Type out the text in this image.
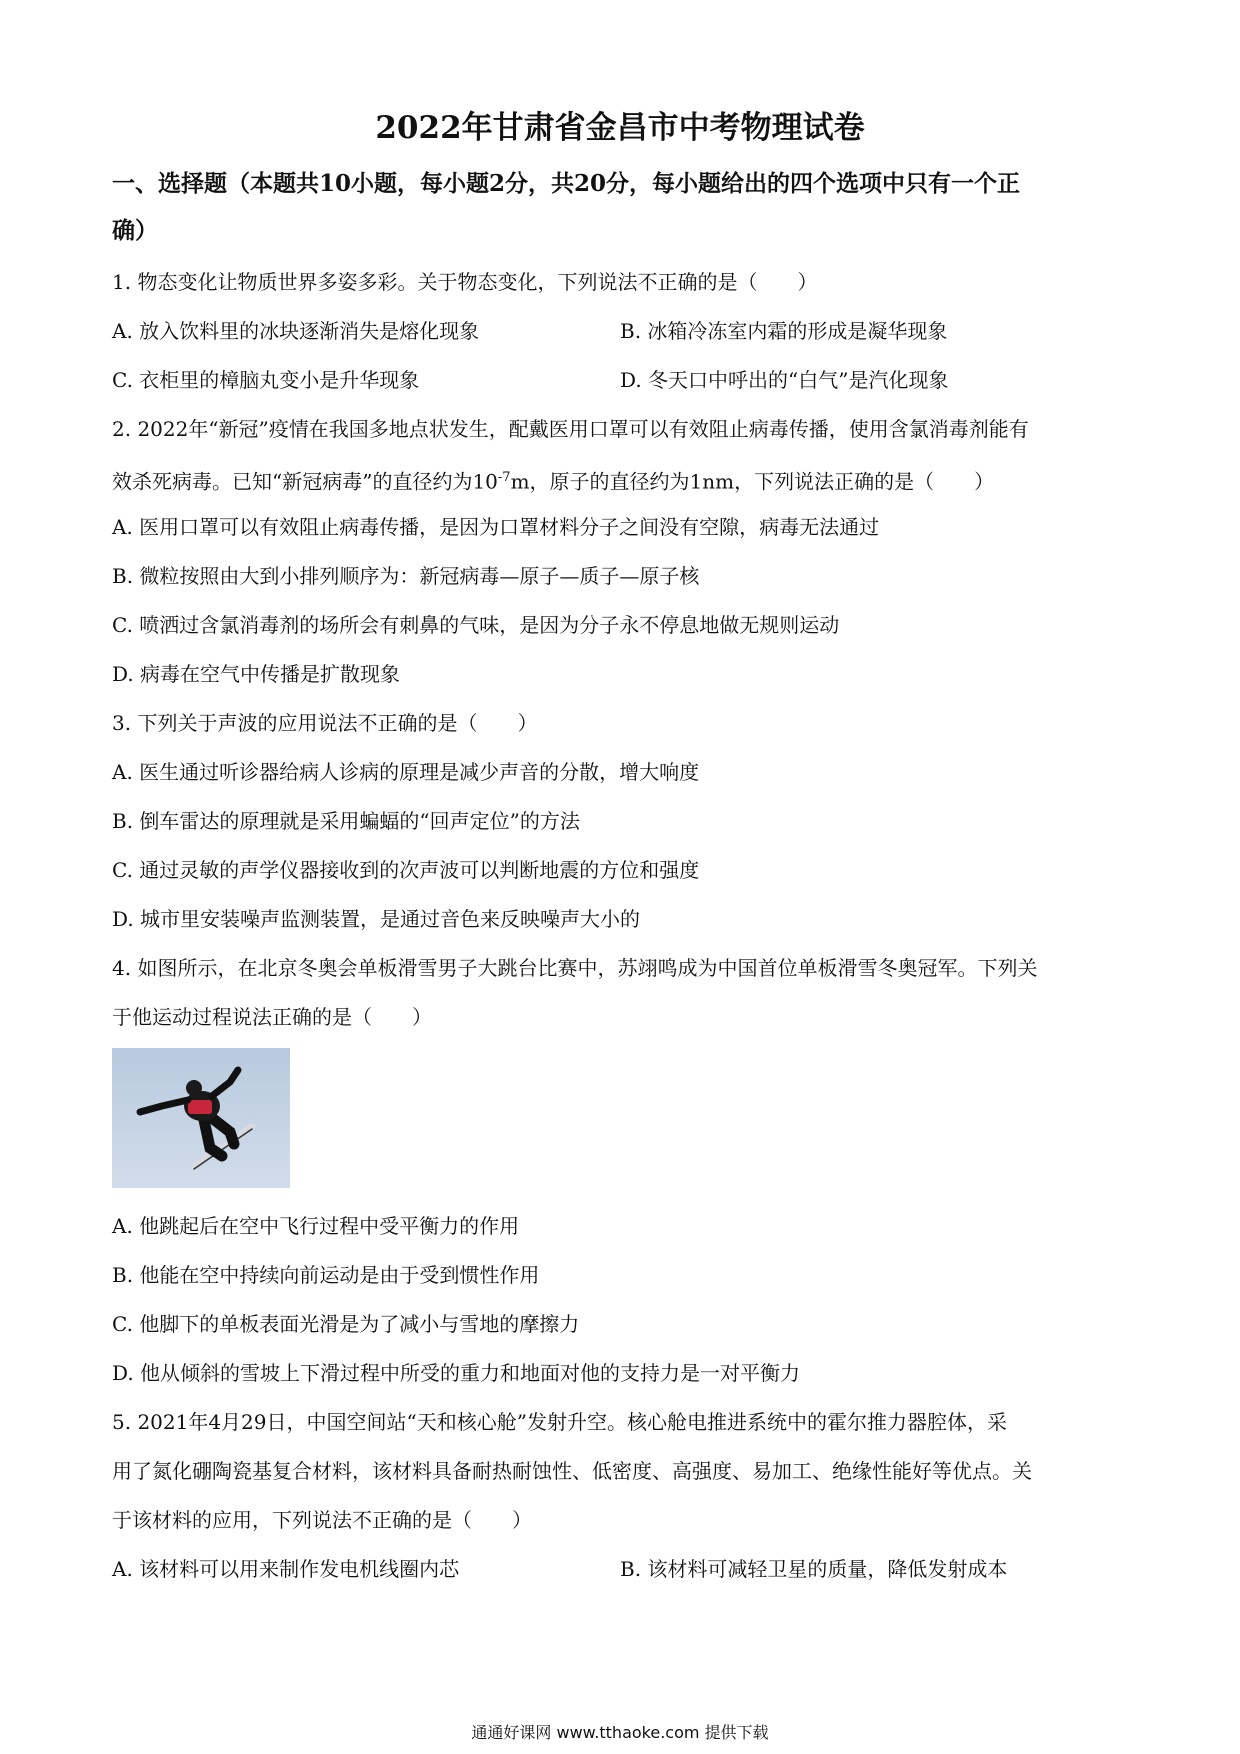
2022年甘肃省金昌市中考物理试卷
一、选择题（本题共10小题，每小题2分，共20分，每小题给出的四个选项中只有一个正
确）
1. 物态变化让物质世界多姿多彩。关于物态变化，下列说法不正确的是（　　）
A. 放入饮料里的冰块逐渐消失是熔化现象	B. 冰箱冷冻室内霜的形成是凝华现象
C. 衣柜里的樟脑丸变小是升华现象	D. 冬天口中呼出的“白气”是汽化现象
2. 2022年“新冠”疫情在我国多地点状发生，配戴医用口罩可以有效阻止病毒传播，使用含氯消毒剂能有
效杀死病毒。已知“新冠病毒”的直径约为$10^{-7}m$，原子的直径约为1nm，下列说法正确的是（　　）
A. 医用口罩可以有效阻止病毒传播，是因为口罩材料分子之间没有空隙，病毒无法通过
B. 微粒按照由大到小排列顺序为：新冠病毒—原子—质子—原子核
C. 喷洒过含氯消毒剂的场所会有刺鼻的气味，是因为分子永不停息地做无规则运动
D. 病毒在空气中传播是扩散现象
3. 下列关于声波的应用说法不正确的是（　　）
A. 医生通过听诊器给病人诊病的原理是减少声音的分散，增大响度
B. 倒车雷达的原理就是采用蝙蝠的“回声定位”的方法
C. 通过灵敏的声学仪器接收到的次声波可以判断地震的方位和强度
D. 城市里安装噪声监测装置，是通过音色来反映噪声大小的
4. 如图所示，在北京冬奥会单板滑雪男子大跳台比赛中，苏翊鸣成为中国首位单板滑雪冬奥冠军。下列关
于他运动过程说法正确的是（　　）
A. 他跳起后在空中飞行过程中受平衡力的作用
B. 他能在空中持续向前运动是由于受到惯性作用
C. 他脚下的单板表面光滑是为了减小与雪地的摩擦力
D. 他从倾斜的雪坡上下滑过程中所受的重力和地面对他的支持力是一对平衡力
5. 2021年4月29日，中国空间站“天和核心舱”发射升空。核心舱电推进系统中的霍尔推力器腔体，采
用了氮化硼陶瓷基复合材料，该材料具备耐热耐蚀性、低密度、高强度、易加工、绝缘性能好等优点。关
于该材料的应用，下列说法不正确的是（　　）
A. 该材料可以用来制作发电机线圈内芯	B. 该材料可减轻卫星的质量，降低发射成本
通通好课网 www.tthaoke.com 提供下载
